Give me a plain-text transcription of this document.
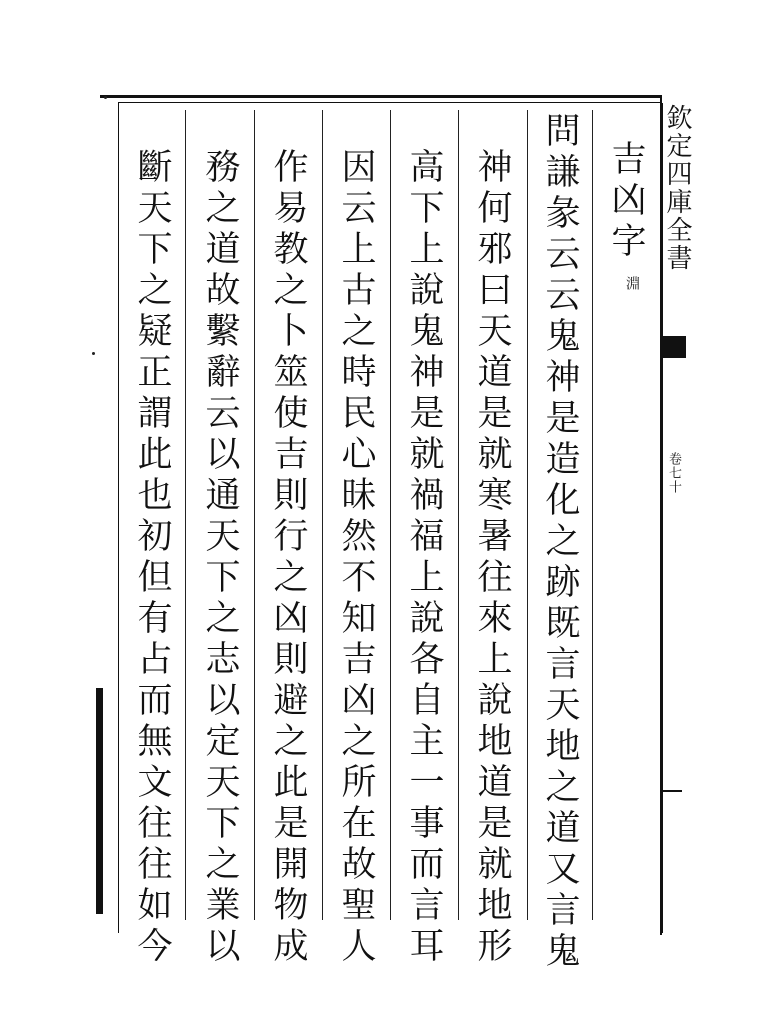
欽定四庫全書
卷七十
吉凶字
淵
問謙彖云云鬼神是造化之跡既言天地之道又言鬼
神何邪曰天道是就寒暑往來上說地道是就地形
高下上說鬼神是就禍福上說各自主一事而言耳
因云上古之時民心昧然不知吉凶之所在故聖人
作易教之卜筮使吉則行之凶則避之此是開物成
務之道故繫辭云以通天下之志以定天下之業以
斷天下之疑正謂此也初但有占而無文往往如今
